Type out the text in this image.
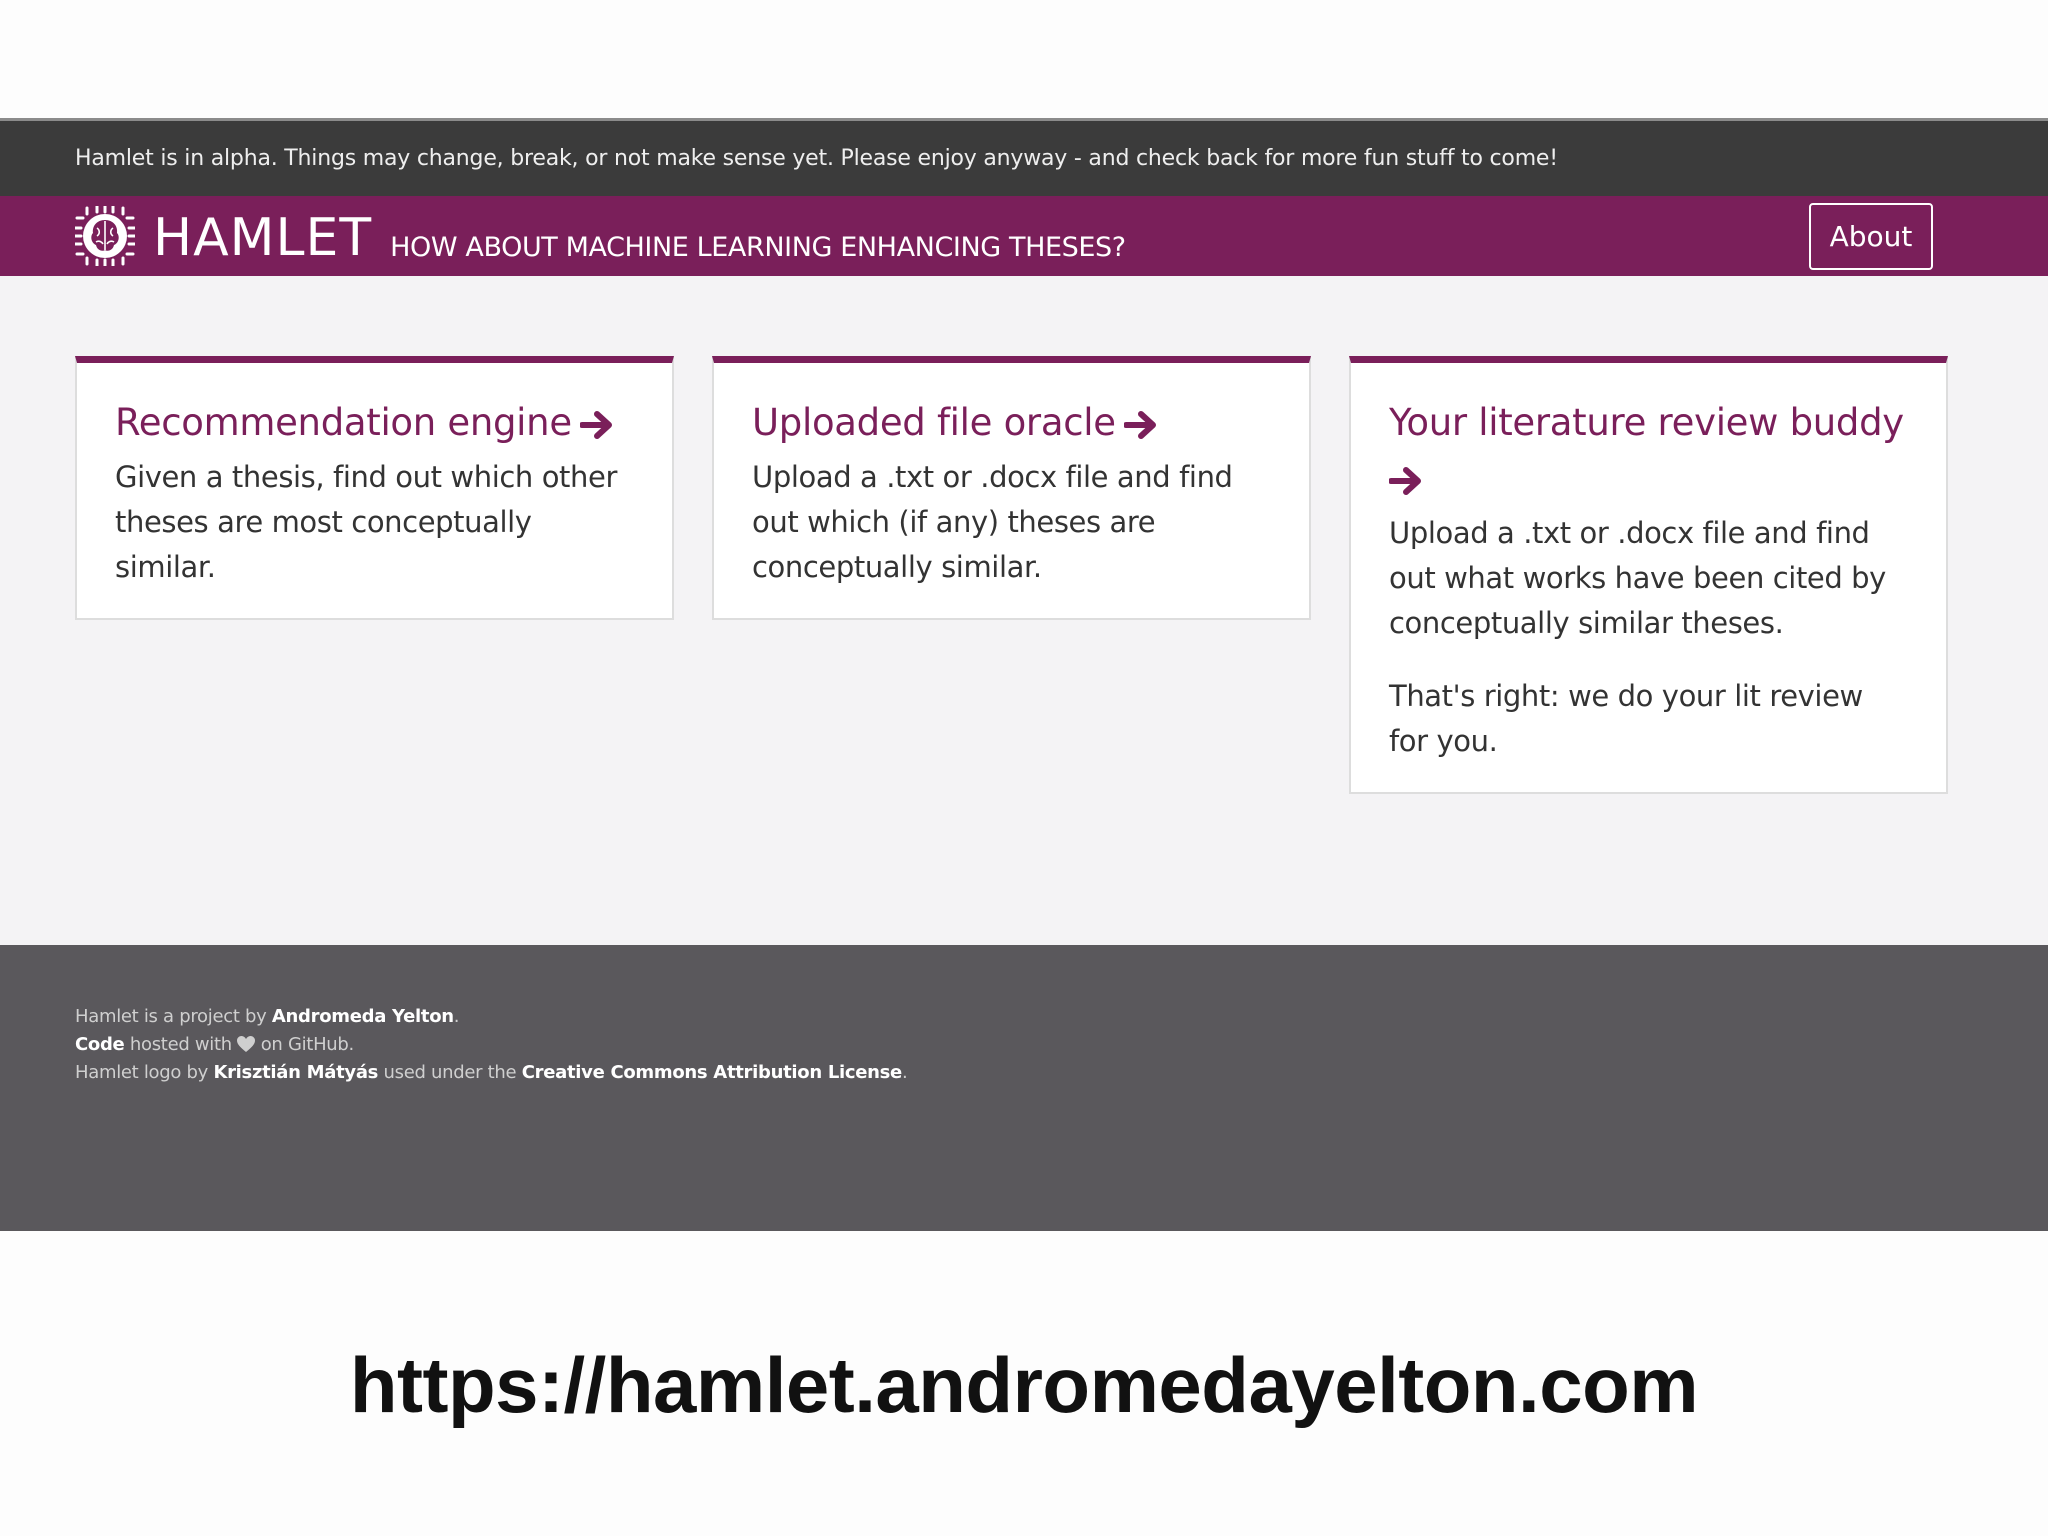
Hamlet is in alpha. Things may change, break, or not make sense yet. Please enjoy anyway - and check back for more fun stuff to come!
HAMLET HOW ABOUT MACHINE LEARNING ENHANCING THESES?	About
Recommendation engine

Given a thesis, find out which other theses are most conceptually similar.

Uploaded file oracle

Upload a .txt or .docx file and find out which (if any) theses are conceptually similar.

Your literature review buddy

Upload a .txt or .docx file and find out what works have been cited by conceptually similar theses.

That's right: we do your lit review for you.

Hamlet is a project by Andromeda Yelton.
Code hosted with  on GitHub.
Hamlet logo by Krisztián Mátyás used under the Creative Commons Attribution License.
https://hamlet.andromedayelton.com
